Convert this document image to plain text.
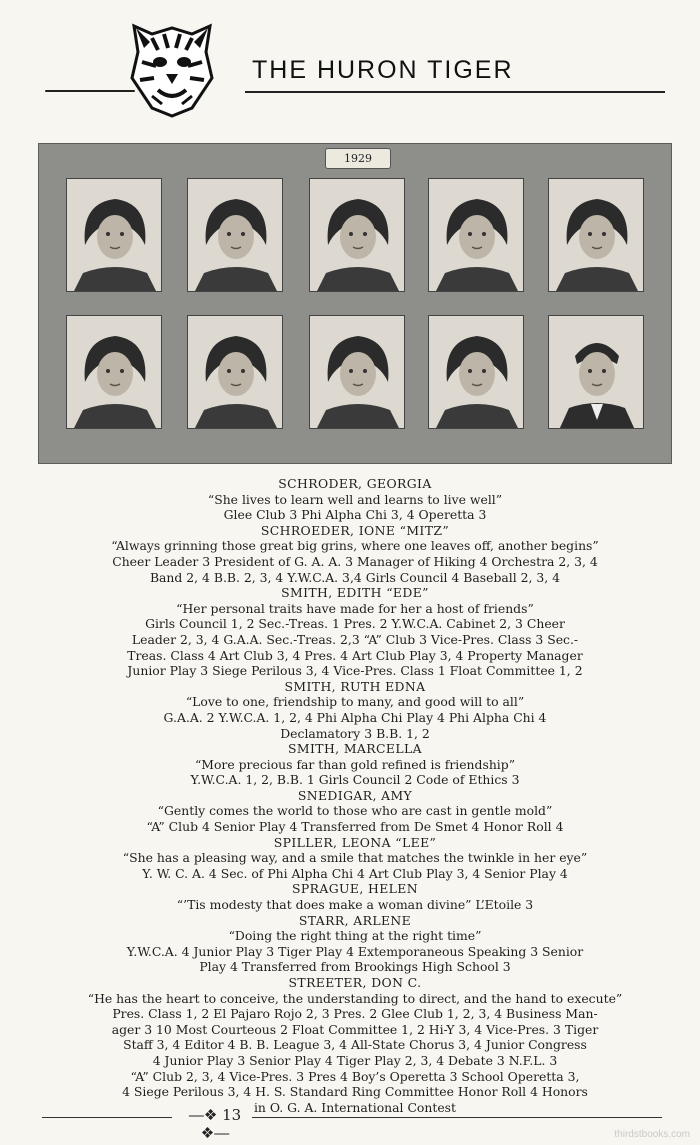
THE HURON TIGER
1929
SCHRODER, GEORGIA
“She lives to learn well and learns to live well”
Glee Club 3 Phi Alpha Chi 3, 4 Operetta 3
SCHROEDER, IONE “MITZ”
“Always grinning those great big grins, where one leaves off, another begins”
Cheer Leader 3 President of G. A. A. 3 Manager of Hiking 4 Orchestra 2, 3, 4
Band 2, 4 B.B. 2, 3, 4 Y.W.C.A. 3,4 Girls Council 4 Baseball 2, 3, 4
SMITH, EDITH “EDE”
“Her personal traits have made for her a host of friends”
Girls Council 1, 2 Sec.-Treas. 1 Pres. 2 Y.W.C.A. Cabinet 2, 3 Cheer
Leader 2, 3, 4 G.A.A. Sec.-Treas. 2,3 “A” Club 3 Vice-Pres. Class 3 Sec.-
Treas. Class 4 Art Club 3, 4 Pres. 4 Art Club Play 3, 4 Property Manager
Junior Play 3 Siege Perilous 3, 4 Vice-Pres. Class 1 Float Committee 1, 2
SMITH, RUTH EDNA
“Love to one, friendship to many, and good will to all”
G.A.A. 2 Y.W.C.A. 1, 2, 4 Phi Alpha Chi Play 4 Phi Alpha Chi 4
Declamatory 3 B.B. 1, 2
SMITH, MARCELLA
“More precious far than gold refined is friendship”
Y.W.C.A. 1, 2, B.B. 1 Girls Council 2 Code of Ethics 3
SNEDIGAR, AMY
“Gently comes the world to those who are cast in gentle mold”
“A” Club 4 Senior Play 4 Transferred from De Smet 4 Honor Roll 4
SPILLER, LEONA “LEE”
“She has a pleasing way, and a smile that matches the twinkle in her eye”
Y. W. C. A. 4 Sec. of Phi Alpha Chi 4 Art Club Play 3, 4 Senior Play 4
SPRAGUE, HELEN
“’Tis modesty that does make a woman divine” L’Etoile 3
STARR, ARLENE
“Doing the right thing at the right time”
Y.W.C.A. 4 Junior Play 3 Tiger Play 4 Extemporaneous Speaking 3 Senior
Play 4 Transferred from Brookings High School 3
STREETER, DON C.
“He has the heart to conceive, the understanding to direct, and the hand to execute”
Pres. Class 1, 2 El Pajaro Rojo 2, 3 Pres. 2 Glee Club 1, 2, 3, 4 Business Man-
ager 3 10 Most Courteous 2 Float Committee 1, 2 Hi-Y 3, 4 Vice-Pres. 3 Tiger
Staff 3, 4 Editor 4 B. B. League 3, 4 All-State Chorus 3, 4 Junior Congress
4 Junior Play 3 Senior Play 4 Tiger Play 2, 3, 4 Debate 3 N.F.L. 3
“A” Club 2, 3, 4 Vice-Pres. 3 Pres 4 Boy’s Operetta 3 School Operetta 3,
4 Siege Perilous 3, 4 H. S. Standard Ring Committee Honor Roll 4 Honors
in O. G. A. International Contest
―❖ 13 ❖―	thirdstbooks.com
